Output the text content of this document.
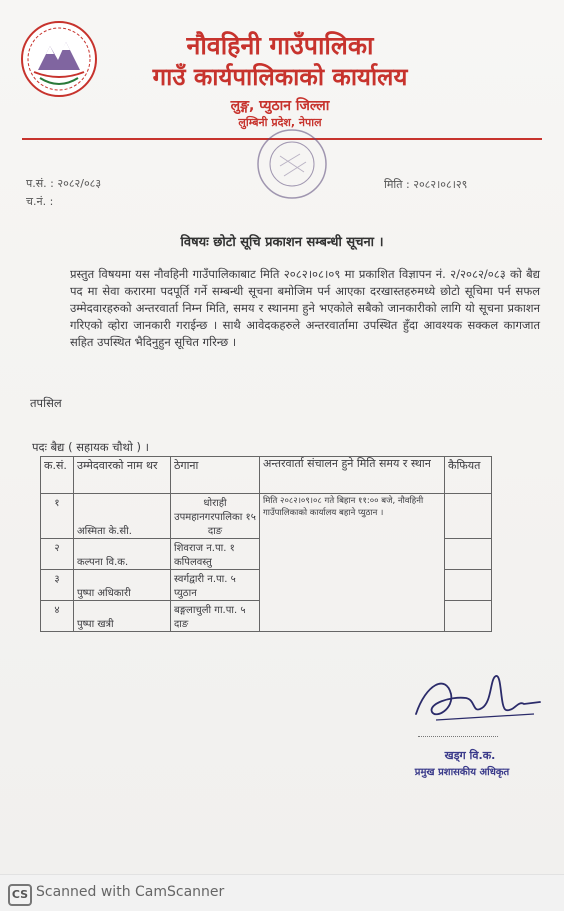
नौवहिनी गाउँपालिका
गाउँ कार्यपालिकाको कार्यालय
लुङ्ग, प्युठान जिल्ला
लुम्बिनी प्रदेश, नेपाल
प.सं. : २०८२/०८३
च.नं. :
मिति : २०८२।०८।२९
विषयः छोटो सूचि प्रकाशन सम्बन्धी सूचना ।
प्रस्तुत विषयमा यस नौवहिनी गाउँपालिकाबाट मिति २०८२।०८।०९ मा प्रकाशित विज्ञापन नं. २/२०८२/०८३ को बैद्य पद मा सेवा करारमा पदपूर्ति गर्ने सम्बन्धी सूचना बमोजिम पर्न आएका दरखास्तहरुमध्ये छोटो सूचिमा पर्न सफल उम्मेदवारहरुको अन्तरवार्ता निम्न मिति, समय र स्थानमा हुने भएकोले सबैको जानकारीको लागि यो सूचना प्रकाशन गरिएको व्होरा जानकारी गराईन्छ । साथै आवेदकहरुले अन्तरवार्तामा उपस्थित हुँदा आवश्यक सक्कल कागजात सहित उपस्थित भैदिनुहुन सूचित गरिन्छ ।
तपसिल
पदः बैद्य ( सहायक चौथो ) ।
क.सं.	उम्मेदवारको नाम थर	ठेगाना	अन्तरवार्ता संचालन हुने मिति समय र स्थान	कैफियत
१	अस्मिता के.सी.	धोराही उपमहानगरपालिका १५ दाङ	मिति २०८२।०९।०८ गते बिहान ११:०० बजे, नौवहिनी गाउँपालिकाको कार्यालय बहाने प्युठान ।	
२	कल्पना वि.क.	शिवराज न.पा. १ कपिलवस्तु		
३	पुष्पा अधिकारी	स्वर्गद्वारी न.पा. ५ प्युठान		
४	पुष्पा खत्री	बङ्गलाचुली गा.पा. ५ दाङ		
खड्ग वि.क.
प्रमुख प्रशासकीय अधिकृत
CS Scanned with CamScanner
